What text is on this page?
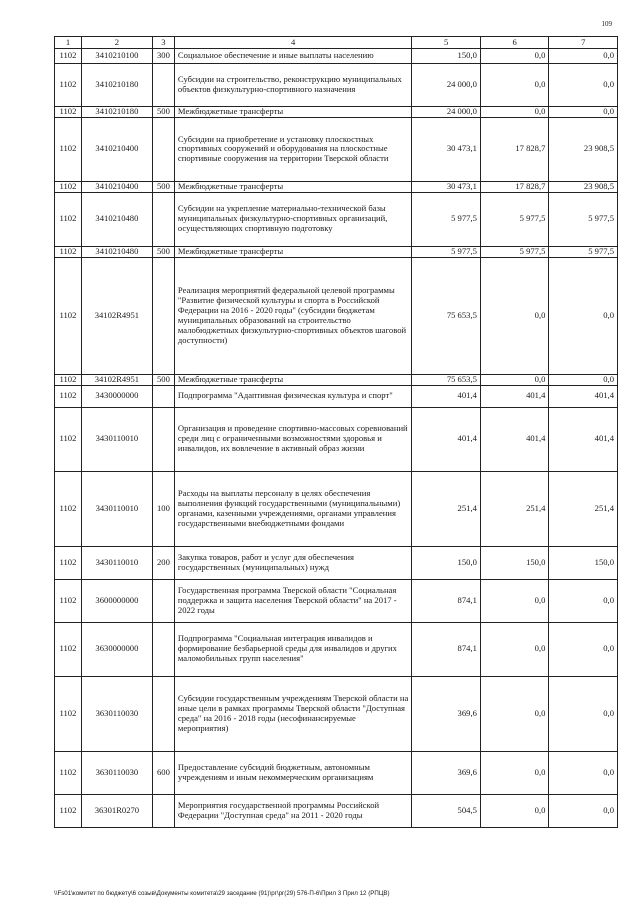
109
1	2	3	4	5	6	7
1102	3410210100	300	Социальное обеспечение и иные выплаты населению	150,0	0,0	0,0
1102	3410210180		Субсидии на строительство, реконструкцию муниципальных объектов физкультурно-спортивного назначения	24 000,0	0,0	0,0
1102	3410210180	500	Межбюджетные трансферты	24 000,0	0,0	0,0
1102	3410210400		Субсидии на приобретение и установку плоскостных спортивных сооружений и оборудования на плоскостные спортивные сооружения на территории Тверской области	30 473,1	17 828,7	23 908,5
1102	3410210400	500	Межбюджетные трансферты	30 473,1	17 828,7	23 908,5
1102	3410210480		Субсидии на укрепление материально-технической базы муниципальных физкультурно-спортивных организаций, осуществляющих спортивную подготовку	5 977,5	5 977,5	5 977,5
1102	3410210480	500	Межбюджетные трансферты	5 977,5	5 977,5	5 977,5
1102	34102R4951		Реализация мероприятий федеральной целевой программы "Развитие физической культуры и спорта в Российской Федерации на 2016 - 2020 годы" (субсидии бюджетам муниципальных образований на строительство малобюджетных физкультурно-спортивных объектов шаговой доступности)	75 653,5	0,0	0,0
1102	34102R4951	500	Межбюджетные трансферты	75 653,5	0,0	0,0
1102	3430000000		Подпрограмма "Адаптивная физическая культура и спорт"	401,4	401,4	401,4
1102	3430110010		Организация и проведение спортивно-массовых соревнований среди лиц с ограниченными возможностями здоровья и инвалидов, их вовлечение в активный образ жизни	401,4	401,4	401,4
1102	3430110010	100	Расходы на выплаты персоналу в целях обеспечения выполнения функций государственными (муниципальными) органами, казенными учреждениями, органами управления государственными внебюджетными фондами	251,4	251,4	251,4
1102	3430110010	200	Закупка товаров, работ и услуг для обеспечения государственных (муниципальных) нужд	150,0	150,0	150,0
1102	3600000000		Государственная программа Тверской области "Социальная поддержка и защита населения Тверской области" на 2017 - 2022 годы	874,1	0,0	0,0
1102	3630000000		Подпрограмма "Социальная интеграция инвалидов и формирование безбарьерной среды для инвалидов и других маломобильных групп населения"	874,1	0,0	0,0
1102	3630110030		Субсидии государственным учреждениям Тверской области на иные цели в рамках программы Тверской области "Доступная среда" на 2016 - 2018 годы (несофинансируемые мероприятия)	369,6	0,0	0,0
1102	3630110030	600	Предоставление субсидий бюджетным, автономным учреждениям и иным некоммерческим организациям	369,6	0,0	0,0
1102	36301R0270		Мероприятия государственной программы Российской Федерации "Доступная среда" на 2011 - 2020 годы	504,5	0,0	0,0
\\Fs01\комитет по бюджету\6 созыв\Документы комитета\29 заседание (91)\рг\рг(29) 576-П-6\Прил 3 Прил 12 (РПЦВ)
